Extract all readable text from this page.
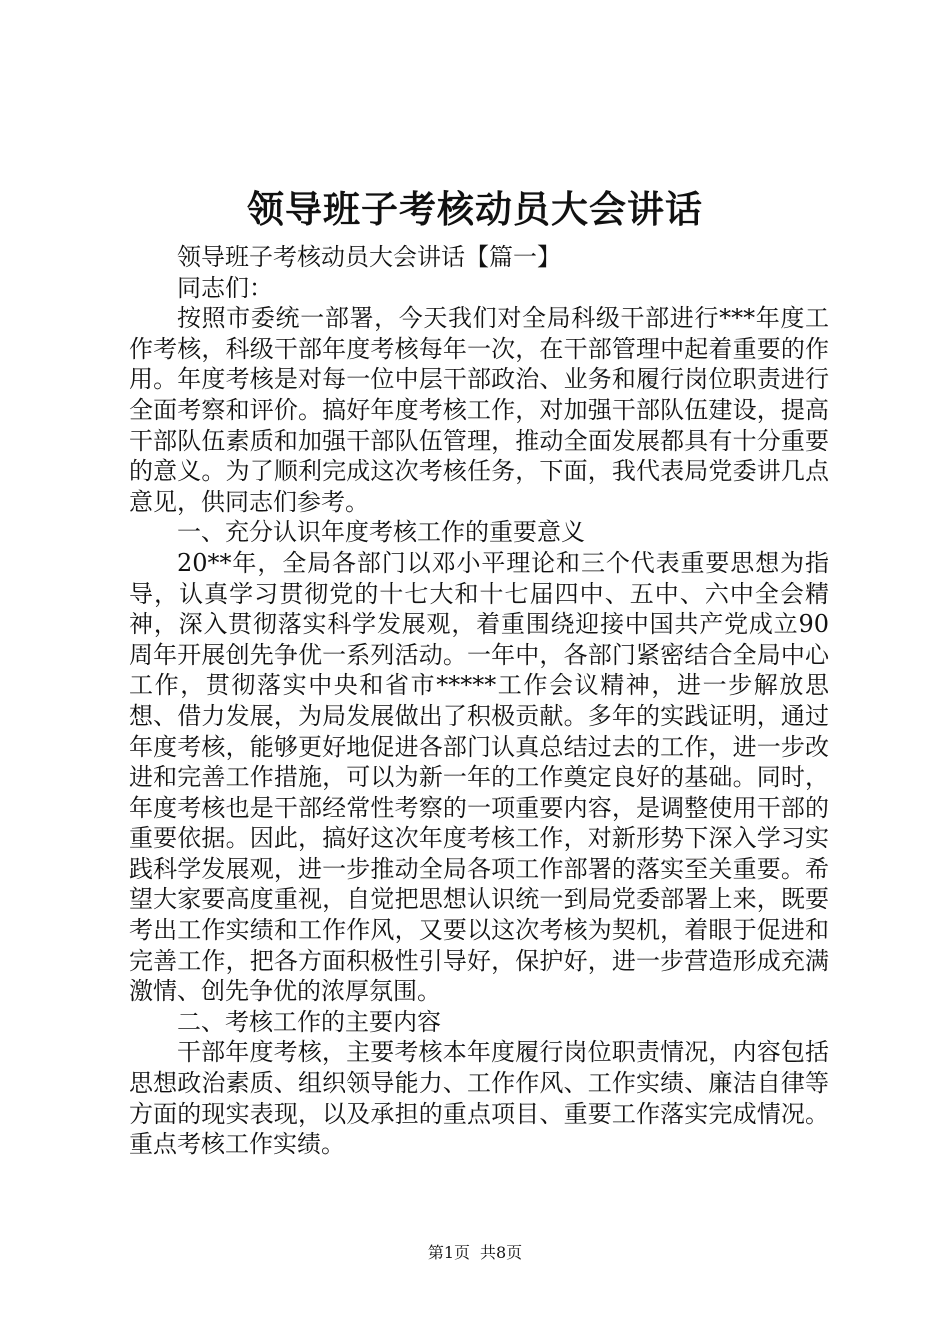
领导班子考核动员大会讲话

领导班子考核动员大会讲话【篇一】

同志们：

按照市委统一部署，今天我们对全局科级干部进行***年度工作考核，科级干部年度考核每年一次，在干部管理中起着重要的作用。年度考核是对每一位中层干部政治、业务和履行岗位职责进行全面考察和评价。搞好年度考核工作，对加强干部队伍建设，提高干部队伍素质和加强干部队伍管理，推动全面发展都具有十分重要的意义。为了顺利完成这次考核任务，下面，我代表局党委讲几点意见，供同志们参考。

一、充分认识年度考核工作的重要意义

20**年，全局各部门以邓小平理论和三个代表重要思想为指导，认真学习贯彻党的十七大和十七届四中、五中、六中全会精神，深入贯彻落实科学发展观，着重围绕迎接中国共产党成立90周年开展创先争优一系列活动。一年中，各部门紧密结合全局中心工作，贯彻落实中央和省市*****工作会议精神，进一步解放思想、借力发展，为局发展做出了积极贡献。多年的实践证明，通过年度考核，能够更好地促进各部门认真总结过去的工作，进一步改进和完善工作措施，可以为新一年的工作奠定良好的基础。同时，年度考核也是干部经常性考察的一项重要内容，是调整使用干部的重要依据。因此，搞好这次年度考核工作，对新形势下深入学习实践科学发展观，进一步推动全局各项工作部署的落实至关重要。希望大家要高度重视，自觉把思想认识统一到局党委部署上来，既要考出工作实绩和工作作风，又要以这次考核为契机，着眼于促进和完善工作，把各方面积极性引导好，保护好，进一步营造形成充满激情、创先争优的浓厚氛围。

二、考核工作的主要内容

干部年度考核，主要考核本年度履行岗位职责情况，内容包括思想政治素质、组织领导能力、工作作风、工作实绩、廉洁自律等方面的现实表现，以及承担的重点项目、重要工作落实完成情况。重点考核工作实绩。

第1页 共8页
